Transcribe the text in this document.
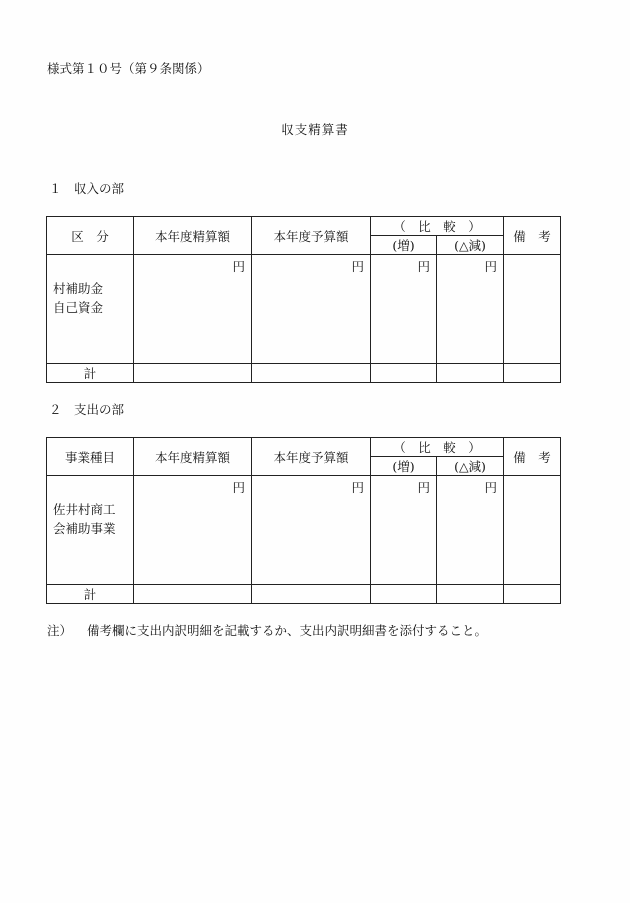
様式第１０号（第９条関係）
収支精算書
１　収入の部
区　分	本年度精算額	本年度予算額	（　比　較　）		備　考
			(増)	(△減)	
村補助金
自己資金	円	円	円	円	
計					
２　支出の部
事業種目	本年度精算額	本年度予算額	（　比　較　）		備　考
			(増)	(△減)	
佐井村商工
会補助事業	円	円	円	円	
計					
注） 備考欄に支出内訳明細を記載するか、支出内訳明細書を添付すること。
